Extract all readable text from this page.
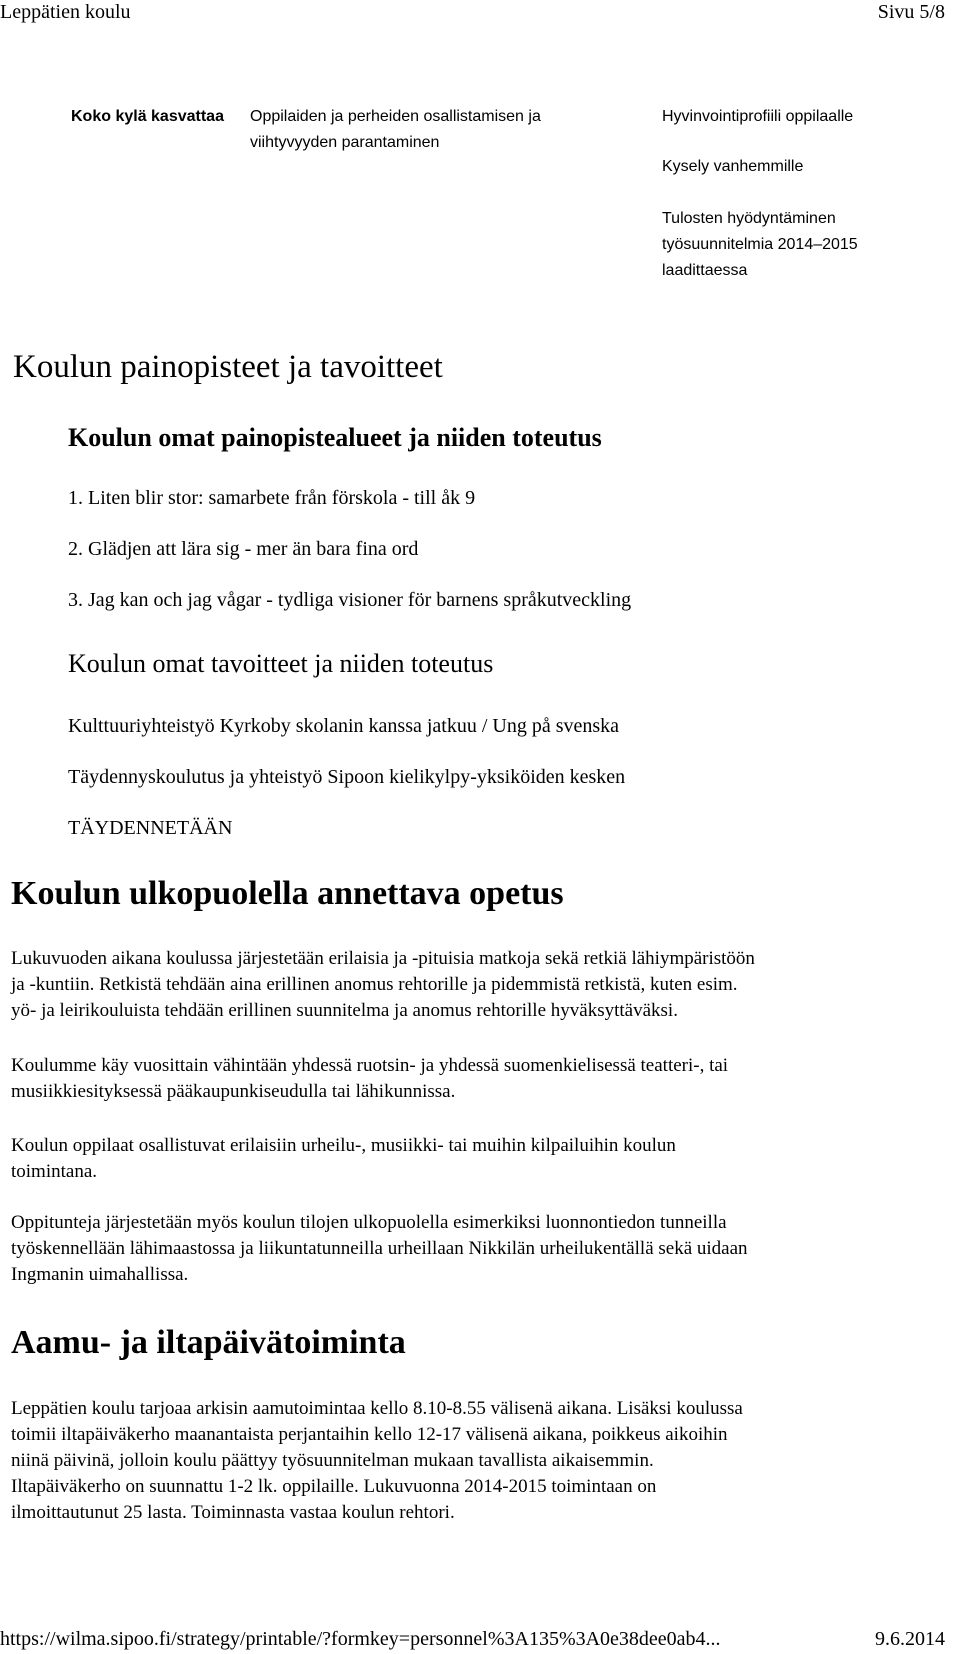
Leppätien koulu	Sivu 5/8
Koko kylä kasvattaa Oppilaiden ja perheiden osallistamisen ja
viihtyvyyden parantaminen
Hyvinvointiprofiili oppilaalle
Kysely vanhemmille
Tulosten hyödyntäminen
työsuunnitelmia 2014–2015
laadittaessa
Koulun painopisteet ja tavoitteet
Koulun omat painopistealueet ja niiden toteutus
1. Liten blir stor: samarbete från förskola - till åk 9
2. Glädjen att lära sig - mer än bara fina ord
3. Jag kan och jag vågar - tydliga visioner för barnens språkutveckling
Koulun omat tavoitteet ja niiden toteutus
Kulttuuriyhteistyö Kyrkoby skolanin kanssa jatkuu / Ung på svenska
Täydennyskoulutus ja yhteistyö Sipoon kielikylpy-yksiköiden kesken
TÄYDENNETÄÄN
Koulun ulkopuolella annettava opetus
Lukuvuoden aikana koulussa järjestetään erilaisia ja -pituisia matkoja sekä retkiä lähiympäristöön
ja -kuntiin. Retkistä tehdään aina erillinen anomus rehtorille ja pidemmistä retkistä, kuten esim.
yö- ja leirikouluista tehdään erillinen suunnitelma ja anomus rehtorille hyväksyttäväksi.
Koulumme käy vuosittain vähintään yhdessä ruotsin- ja yhdessä suomenkielisessä teatteri-, tai
musiikkiesityksessä pääkaupunkiseudulla tai lähikunnissa.
Koulun oppilaat osallistuvat erilaisiin urheilu-, musiikki- tai muihin kilpailuihin koulun
toimintana.
Oppitunteja järjestetään myös koulun tilojen ulkopuolella esimerkiksi luonnontiedon tunneilla
työskennellään lähimaastossa ja liikuntatunneilla urheillaan Nikkilän urheilukentällä sekä uidaan
Ingmanin uimahallissa.
Aamu- ja iltapäivätoiminta
Leppätien koulu tarjoaa arkisin aamutoimintaa kello 8.10-8.55 välisenä aikana. Lisäksi koulussa
toimii iltapäiväkerho maanantaista perjantaihin kello 12-17 välisenä aikana, poikkeus aikoihin
niinä päivinä, jolloin koulu päättyy työsuunnitelman mukaan tavallista aikaisemmin.
Iltapäiväkerho on suunnattu 1-2 lk. oppilaille. Lukuvuonna 2014-2015 toimintaan on
ilmoittautunut 25 lasta. Toiminnasta vastaa koulun rehtori.
https://wilma.sipoo.fi/strategy/printable/?formkey=personnel%3A135%3A0e38dee0ab4...	9.6.2014
